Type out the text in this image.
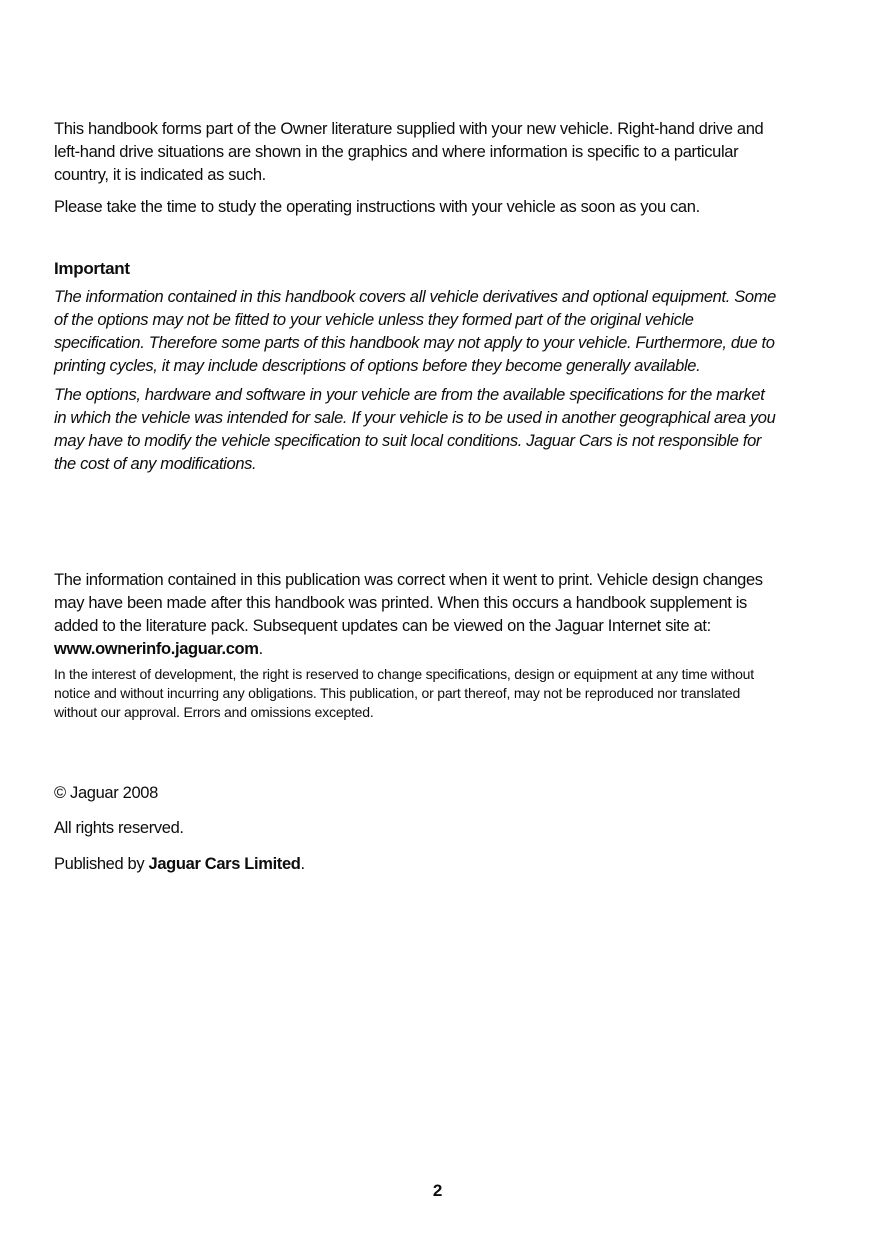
This handbook forms part of the Owner literature supplied with your new vehicle. Right-hand drive and left-hand drive situations are shown in the graphics and where information is specific to a particular country, it is indicated as such.

Please take the time to study the operating instructions with your vehicle as soon as you can.

Important

The information contained in this handbook covers all vehicle derivatives and optional equipment. Some of the options may not be fitted to your vehicle unless they formed part of the original vehicle specification. Therefore some parts of this handbook may not apply to your vehicle. Furthermore, due to printing cycles, it may include descriptions of options before they become generally available.

The options, hardware and software in your vehicle are from the available specifications for the market in which the vehicle was intended for sale. If your vehicle is to be used in another geographical area you may have to modify the vehicle specification to suit local conditions. Jaguar Cars is not responsible for the cost of any modifications.

The information contained in this publication was correct when it went to print. Vehicle design changes may have been made after this handbook was printed. When this occurs a handbook supplement is added to the literature pack. Subsequent updates can be viewed on the Jaguar Internet site at: www.ownerinfo.jaguar.com.

In the interest of development, the right is reserved to change specifications, design or equipment at any time without notice and without incurring any obligations. This publication, or part thereof, may not be reproduced nor translated without our approval. Errors and omissions excepted.

© Jaguar 2008

All rights reserved.

Published by Jaguar Cars Limited.

2
